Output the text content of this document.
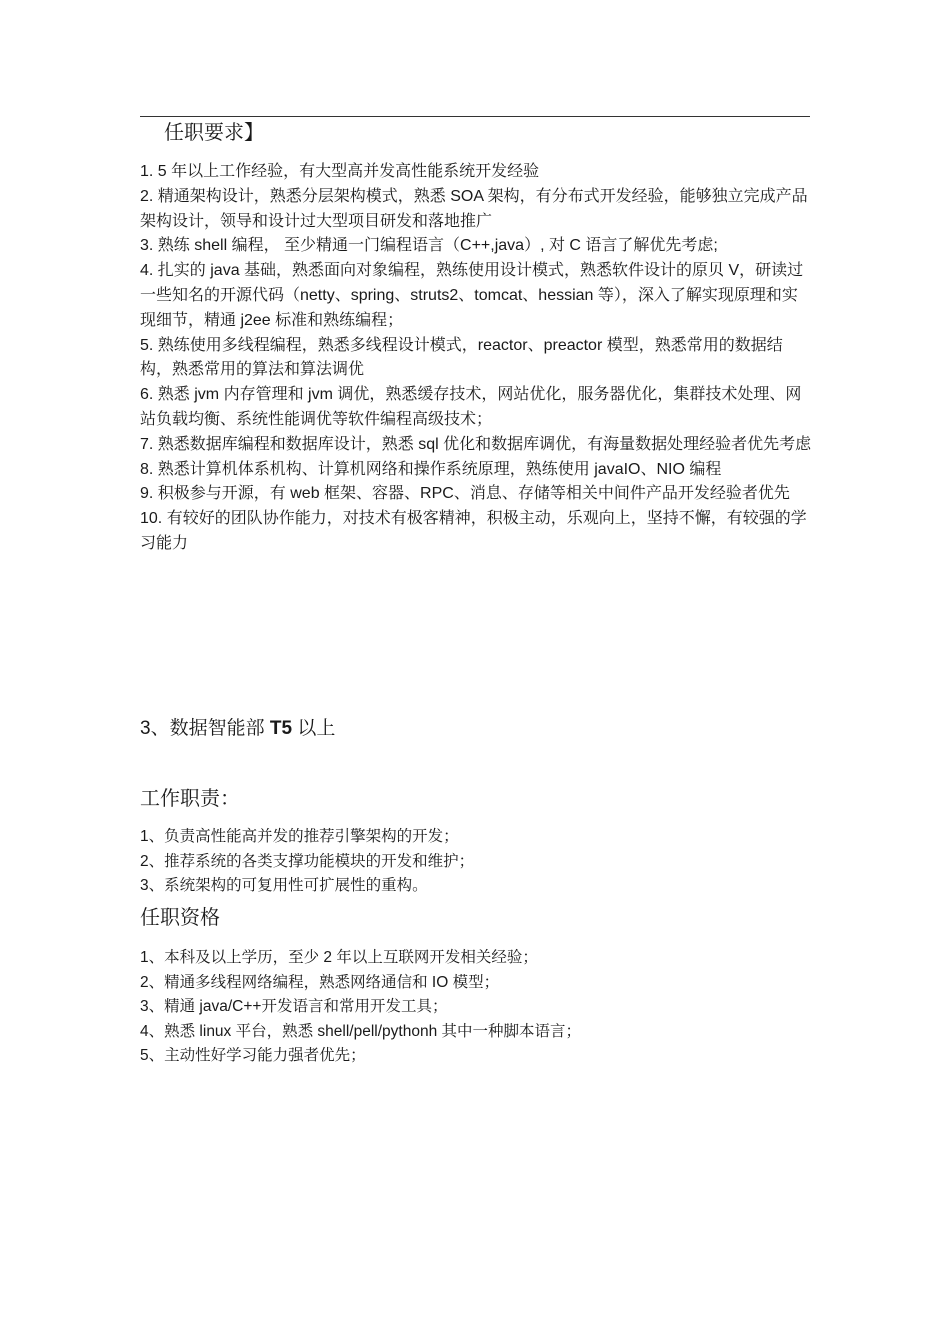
任职要求】
1. 5 年以上工作经验，有大型高并发高性能系统开发经验
2. 精通架构设计，熟悉分层架构模式，熟悉 SOA 架构，有分布式开发经验，能够独立完成产品架构设计，领导和设计过大型项目研发和落地推广
3. 熟练 shell 编程， 至少精通一门编程语言（C++,java）, 对 C 语言了解优先考虑;
4. 扎实的 java 基础，熟悉面向对象编程，熟练使用设计模式，熟悉软件设计的原贝 V，研读过一些知名的开源代码（netty、spring、struts2、tomcat、hessian 等），深入了解实现原理和实现细节，精通 j2ee 标准和熟练编程；
5. 熟练使用多线程编程，熟悉多线程设计模式，reactor、preactor 模型，熟悉常用的数据结构，熟悉常用的算法和算法调优
6. 熟悉 jvm 内存管理和 jvm 调优，熟悉缓存技术，网站优化，服务器优化，集群技术处理、网站负载均衡、系统性能调优等软件编程高级技术；
7. 熟悉数据库编程和数据库设计，熟悉 sql 优化和数据库调优，有海量数据处理经验者优先考虑
8. 熟悉计算机体系机构、计算机网络和操作系统原理，熟练使用 javaIO、NIO 编程
9. 积极参与开源，有 web 框架、容器、RPC、消息、存储等相关中间件产品开发经验者优先
10. 有较好的团队协作能力，对技术有极客精神，积极主动，乐观向上，坚持不懈，有较强的学习能力
3、数据智能部 T5 以上
工作职责：
1、负责高性能高并发的推荐引擎架构的开发；
2、推荐系统的各类支撑功能模块的开发和维护；
3、系统架构的可复用性可扩展性的重构。
任职资格
1、本科及以上学历，至少 2 年以上互联网开发相关经验；
2、精通多线程网络编程，熟悉网络通信和 IO 模型；
3、精通 java/C++开发语言和常用开发工具；
4、熟悉 linux 平台，熟悉 shell/pell/pythonh 其中一种脚本语言；
5、主动性好学习能力强者优先；
